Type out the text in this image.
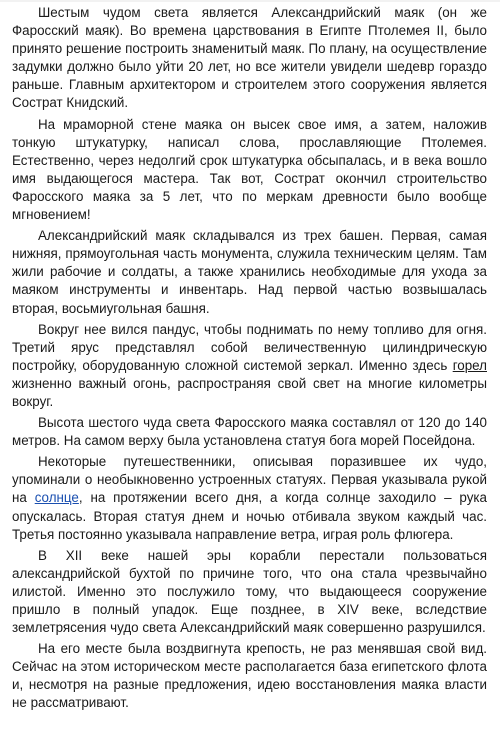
Шестым чудом света является Александрийский маяк (он же Фаросский маяк). Во времена царствования в Египте Птолемея II, было принято решение построить знаменитый маяк. По плану, на осуществление задумки должно было уйти 20 лет, но все жители увидели шедевр гораздо раньше. Главным архитектором и строителем этого сооружения является Сострат Книдский.

На мраморной стене маяка он высек свое имя, а затем, наложив тонкую штукатурку, написал слова, прославляющие Птолемея. Естественно, через недолгий срок штукатурка обсыпалась, и в века вошло имя выдающегося мастера. Так вот, Сострат окончил строительство Фаросского маяка за 5 лет, что по меркам древности было вообще мгновением!

Александрийский маяк складывался из трех башен. Первая, самая нижняя, прямоугольная часть монумента, служила техническим целям. Там жили рабочие и солдаты, а также хранились необходимые для ухода за маяком инструменты и инвентарь. Над первой частью возвышалась вторая, восьмиугольная башня.

Вокруг нее вился пандус, чтобы поднимать по нему топливо для огня. Третий ярус представлял собой величественную цилиндрическую постройку, оборудованную сложной системой зеркал. Именно здесь горел жизненно важный огонь, распространяя свой свет на многие километры вокруг.

Высота шестого чуда света Фаросского маяка составлял от 120 до 140 метров. На самом верху была установлена статуя бога морей Посейдона.

Некоторые путешественники, описывая поразившее их чудо, упоминали о необыкновенно устроенных статуях. Первая указывала рукой на солнце, на протяжении всего дня, а когда солнце заходило – рука опускалась. Вторая статуя днем и ночью отбивала звуком каждый час. Третья постоянно указывала направление ветра, играя роль флюгера.

В XII веке нашей эры корабли перестали пользоваться александрийской бухтой по причине того, что она стала чрезвычайно илистой. Именно это послужило тому, что выдающееся сооружение пришло в полный упадок. Еще позднее, в XIV веке, вследствие землетрясения чудо света Александрийский маяк совершенно разрушился.

На его месте была воздвигнута крепость, не раз менявшая свой вид. Сейчас на этом историческом месте располагается база египетского флота и, несмотря на разные предложения, идею восстановления маяка власти не рассматривают.
